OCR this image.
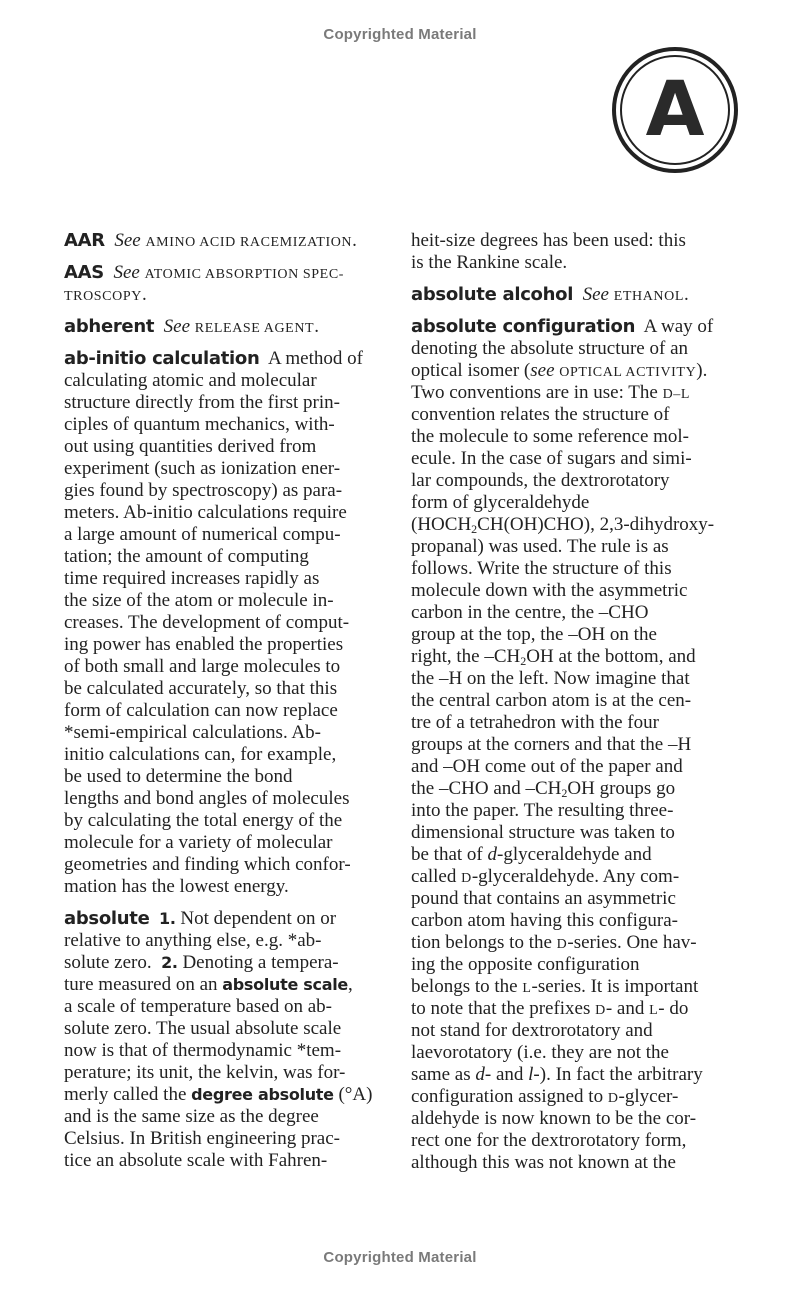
Copyrighted Material
A
AAR See AMINO ACID RACEMIZATION.
AAS See ATOMIC ABSORPTION SPEC-
TROSCOPY.
abherent See RELEASE AGENT.
ab-initio calculation A method of
calculating atomic and molecular
structure directly from the first prin-
ciples of quantum mechanics, with-
out using quantities derived from
experiment (such as ionization ener-
gies found by spectroscopy) as para-
meters. Ab-initio calculations require
a large amount of numerical compu-
tation; the amount of computing
time required increases rapidly as
the size of the atom or molecule in-
creases. The development of comput-
ing power has enabled the properties
of both small and large molecules to
be calculated accurately, so that this
form of calculation can now replace
*semi-empirical calculations. Ab-
initio calculations can, for example,
be used to determine the bond
lengths and bond angles of molecules
by calculating the total energy of the
molecule for a variety of molecular
geometries and finding which confor-
mation has the lowest energy.
absolute 1. Not dependent on or
relative to anything else, e.g. *ab-
solute zero. 2. Denoting a tempera-
ture measured on an absolute scale,
a scale of temperature based on ab-
solute zero. The usual absolute scale
now is that of thermodynamic *tem-
perature; its unit, the kelvin, was for-
merly called the degree absolute (°A)
and is the same size as the degree
Celsius. In British engineering prac-
tice an absolute scale with Fahren-
heit-size degrees has been used: this
is the Rankine scale.
absolute alcohol See ETHANOL.
absolute configuration A way of
denoting the absolute structure of an
optical isomer (see OPTICAL ACTIVITY).
Two conventions are in use: The D–L
convention relates the structure of
the molecule to some reference mol-
ecule. In the case of sugars and simi-
lar compounds, the dextrorotatory
form of glyceraldehyde
$(HOCH_2CH(OH)CHO)$, 2,3-dihydroxy-
propanal) was used. The rule is as
follows. Write the structure of this
molecule down with the asymmetric
carbon in the centre, the –CHO
group at the top, the –OH on the
right, the $-CH_2OH$ at the bottom, and
the –H on the left. Now imagine that
the central carbon atom is at the cen-
tre of a tetrahedron with the four
groups at the corners and that the –H
and –OH come out of the paper and
the –CHO and $-CH_2OH$ groups go
into the paper. The resulting three-
dimensional structure was taken to
be that of d-glyceraldehyde and
called D-glyceraldehyde. Any com-
pound that contains an asymmetric
carbon atom having this configura-
tion belongs to the D-series. One hav-
ing the opposite configuration
belongs to the L-series. It is important
to note that the prefixes D- and L- do
not stand for dextrorotatory and
laevorotatory (i.e. they are not the
same as d- and l-). In fact the arbitrary
configuration assigned to D-glycer-
aldehyde is now known to be the cor-
rect one for the dextrorotatory form,
although this was not known at the
Copyrighted Material
